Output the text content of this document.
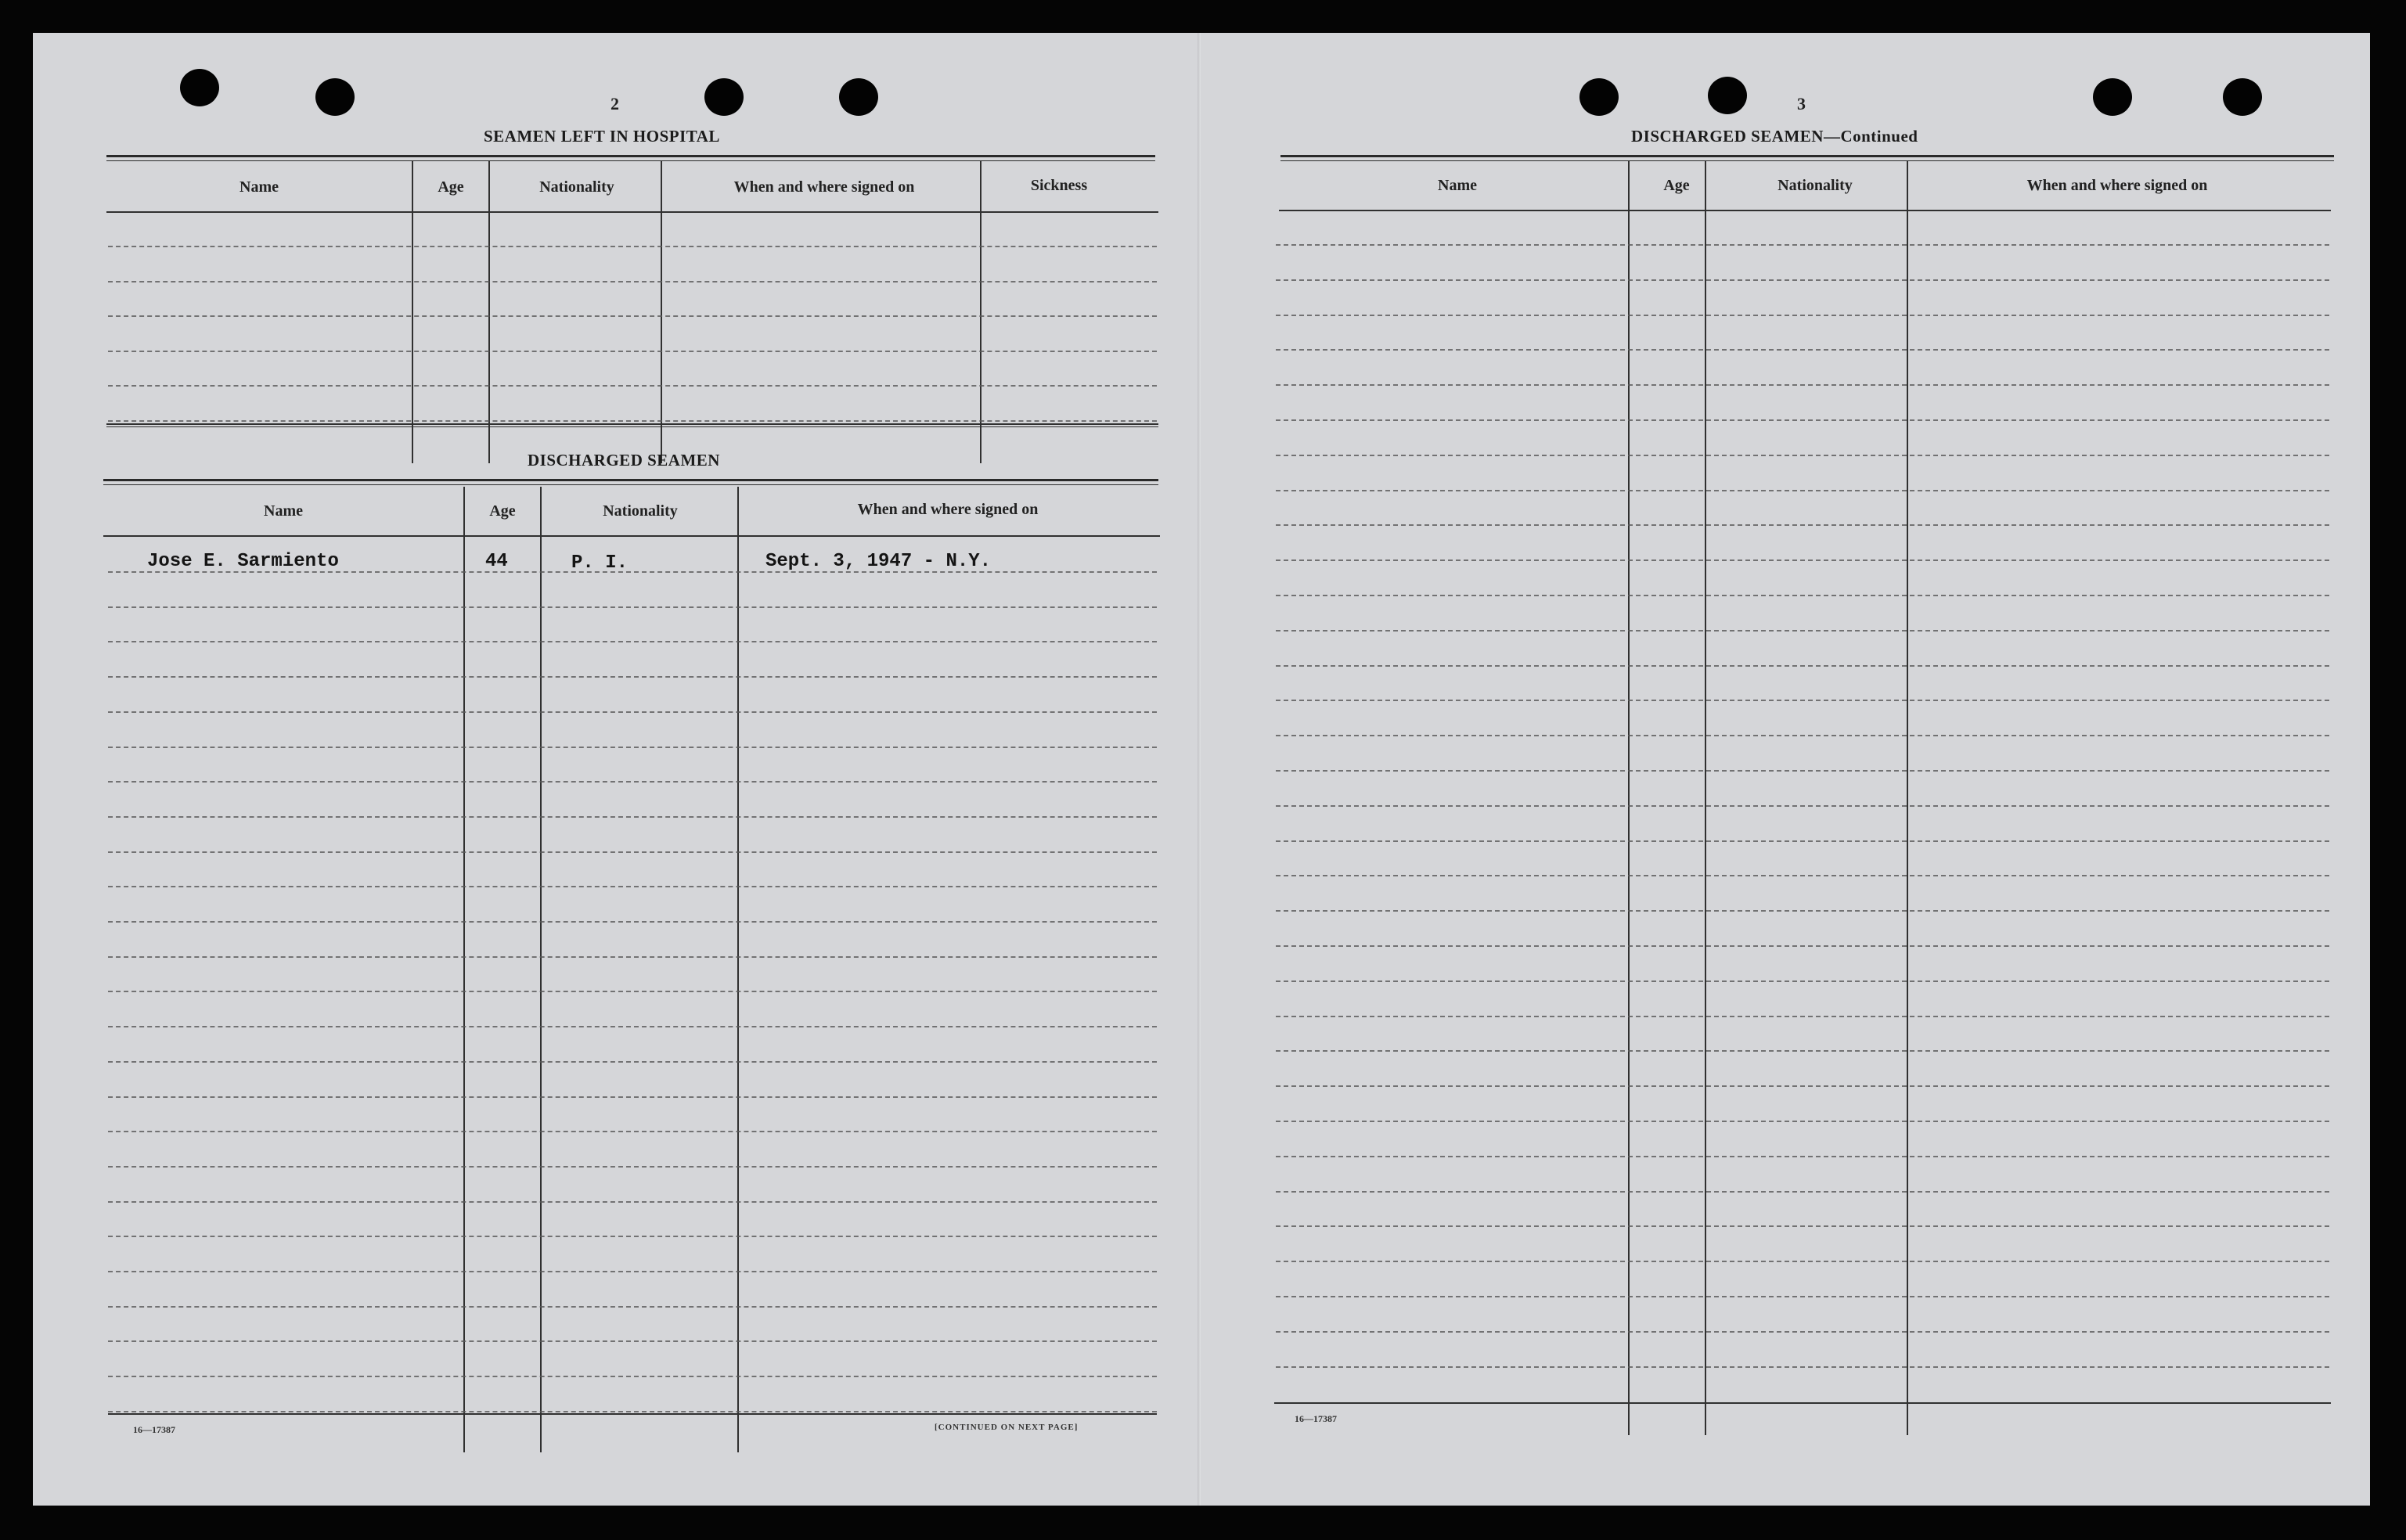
2
SEAMEN LEFT IN HOSPITAL
Name	Age	Nationality	When and where signed on	Sickness
DISCHARGED SEAMEN
Name	Age	Nationality	When and where signed on
Jose E. Sarmiento	44	P. I.	Sept. 3, 1947 - N.Y.
16—17387	[CONTINUED ON NEXT PAGE]
3
DISCHARGED SEAMEN—Continued
Name	Age	Nationality	When and where signed on
16—17387
